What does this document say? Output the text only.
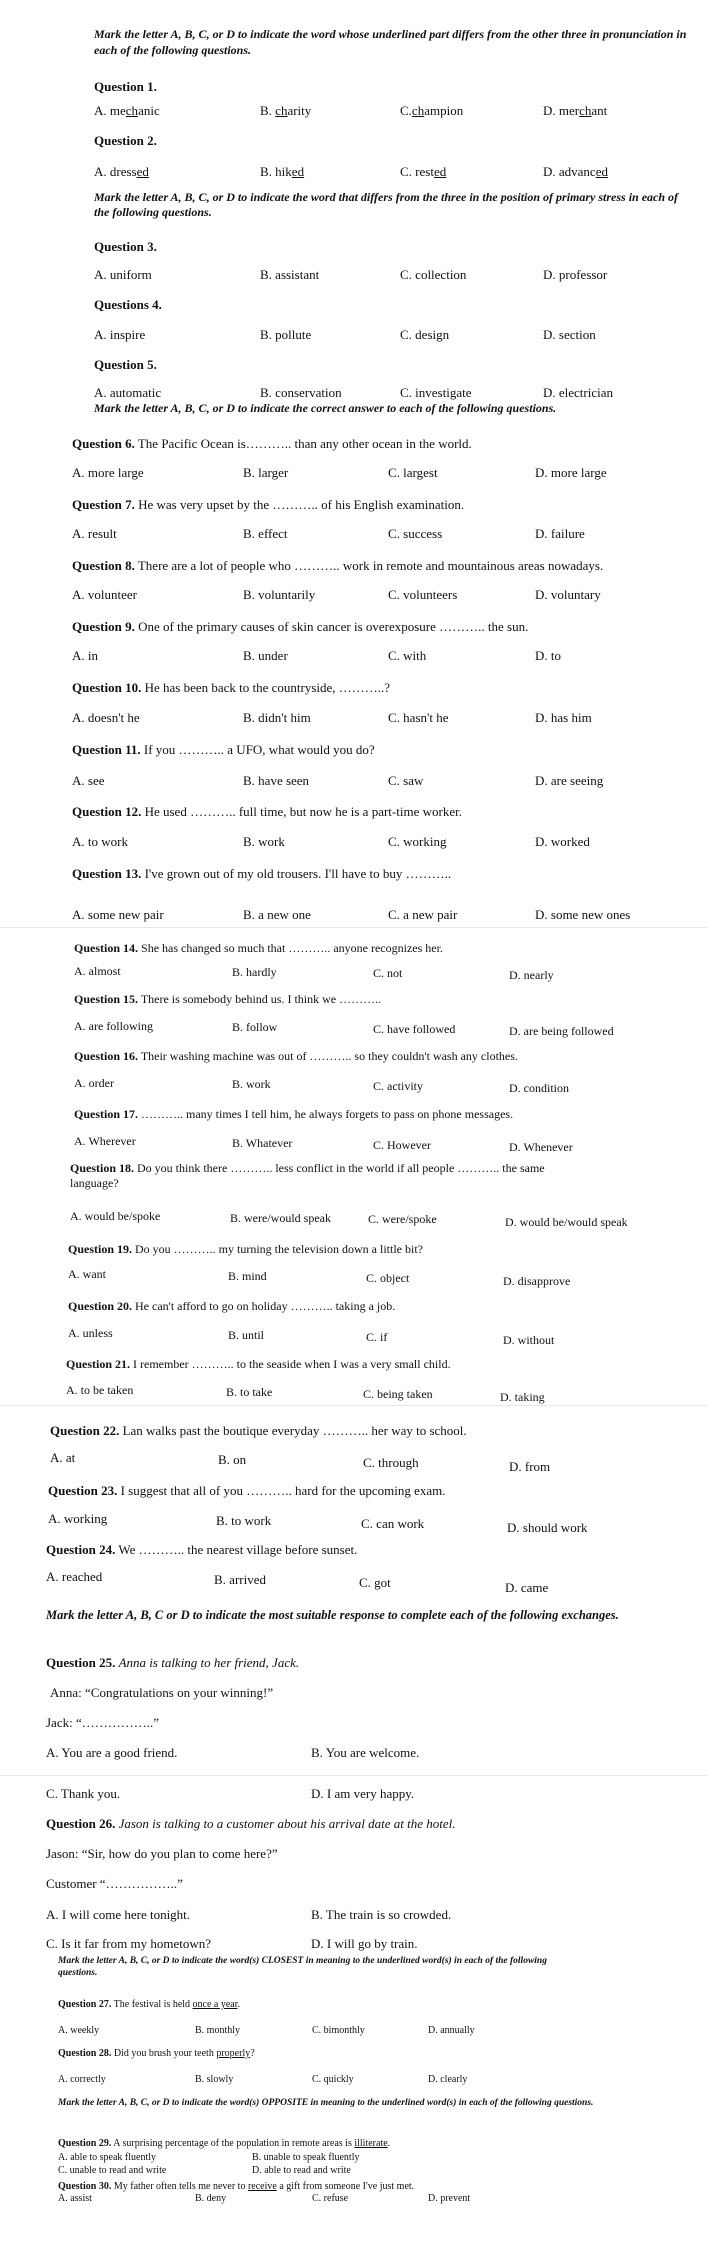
Mark the letter A, B, C, or D to indicate the word whose underlined part differs from the other three in pronunciation in each of the following questions.
Question 1.
A. mechanic	B. charity	C.champion	D. merchant
Question 2.
A. dressed	B. hiked	C. rested	D. advanced
Mark the letter A, B, C, or D to indicate the word that differs from the three in the position of primary stress in each of the following questions.
Question 3.
A. uniform	B. assistant	C. collection	D. professor
Questions 4.
A. inspire	B. pollute	C. design	D. section
Question 5.
A. automatic	B. conservation	C. investigate	D. electrician
Mark the letter A, B, C, or D to indicate the correct answer to each of the following questions.
Question 6. The Pacific Ocean is……….. than any other ocean in the world.
A. more large	B. larger	C. largest	D. more large
Question 7. He was very upset by the ……….. of his English examination.
A. result	B. effect	C. success	D. failure
Question 8. There are a lot of people who ……….. work in remote and mountainous areas nowadays.
A. volunteer	B. voluntarily	C. volunteers	D. voluntary
Question 9. One of the primary causes of skin cancer is overexposure ……….. the sun.
A. in	B. under	C. with	D. to
Question 10. He has been back to the countryside, ………..?
A. doesn't he	B. didn't him	C. hasn't he	D. has him
Question 11. If you ……….. a UFO, what would you do?
A. see	B. have seen	C. saw	D. are seeing
Question 12. He used ……….. full time, but now he is a part-time worker.
A. to work	B. work	C. working	D. worked
Question 13. I've grown out of my old trousers. I'll have to buy ………..
A. some new pair	B. a new one	C. a new pair	D. some new ones
Question 14. She has changed so much that ……….. anyone recognizes her.
A. almost	B. hardly	C. not	D. nearly
Question 15. There is somebody behind us. I think we ………..
A. are following	B. follow	C. have followed	D. are being followed
Question 16. Their washing machine was out of ……….. so they couldn't wash any clothes.
A. order	B. work	C. activity	D. condition
Question 17. ……….. many times I tell him, he always forgets to pass on phone messages.
A. Wherever	B. Whatever	C. However	D. Whenever
Question 18. Do you think there ……….. less conflict in the world if all people ……….. the same
language?
A. would be/spoke	B. were/would speak	C. were/spoke	D. would be/would speak
Question 19. Do you ……….. my turning the television down a little bit?
A. want	B. mind	C. object	D. disapprove
Question 20. He can't afford to go on holiday ……….. taking a job.
A. unless	B. until	C. if	D. without
Question 21. I remember ……….. to the seaside when I was a very small child.
A. to be taken	B. to take	C. being taken	D. taking
Question 22. Lan walks past the boutique everyday ……….. her way to school.
A. at	B. on	C. through	D. from
Question 23. I suggest that all of you ……….. hard for the upcoming exam.
A. working	B. to work	C. can work	D. should work
Question 24. We ……….. the nearest village before sunset.
A. reached	B. arrived	C. got	D. came
Mark the letter A, B, C or D to indicate the most suitable response to complete each of the following exchanges.
Question 25. Anna is talking to her friend, Jack.
Anna: “Congratulations on your winning!”
Jack: “……………..”
A. You are a good friend.	B. You are welcome.
C. Thank you.	D. I am very happy.
Question 26. Jason is talking to a customer about his arrival date at the hotel.
Jason: “Sir, how do you plan to come here?”
Customer “……………..”
A. I will come here tonight.	B. The train is so crowded.
C. Is it far from my hometown?	D. I will go by train.
Mark the letter A, B, C, or D to indicate the word(s) CLOSEST in meaning to the underlined word(s) in each of the following questions.
Question 27. The festival is held once a year.
A. weekly	B. monthly	C. bimonthly	D. annually
Question 28. Did you brush your teeth properly?
A. correctly	B. slowly	C. quickly	D. clearly
Mark the letter A, B, C, or D to indicate the word(s) OPPOSITE in meaning to the underlined word(s) in each of the following questions.
Question 29. A surprising percentage of the population in remote areas is illiterate.
A. able to speak fluently	B. unable to speak fluently
C. unable to read and write	D. able to read and write
Question 30. My father often tells me never to receive a gift from someone I've just met.
A. assist	B. deny	C. refuse	D. prevent
